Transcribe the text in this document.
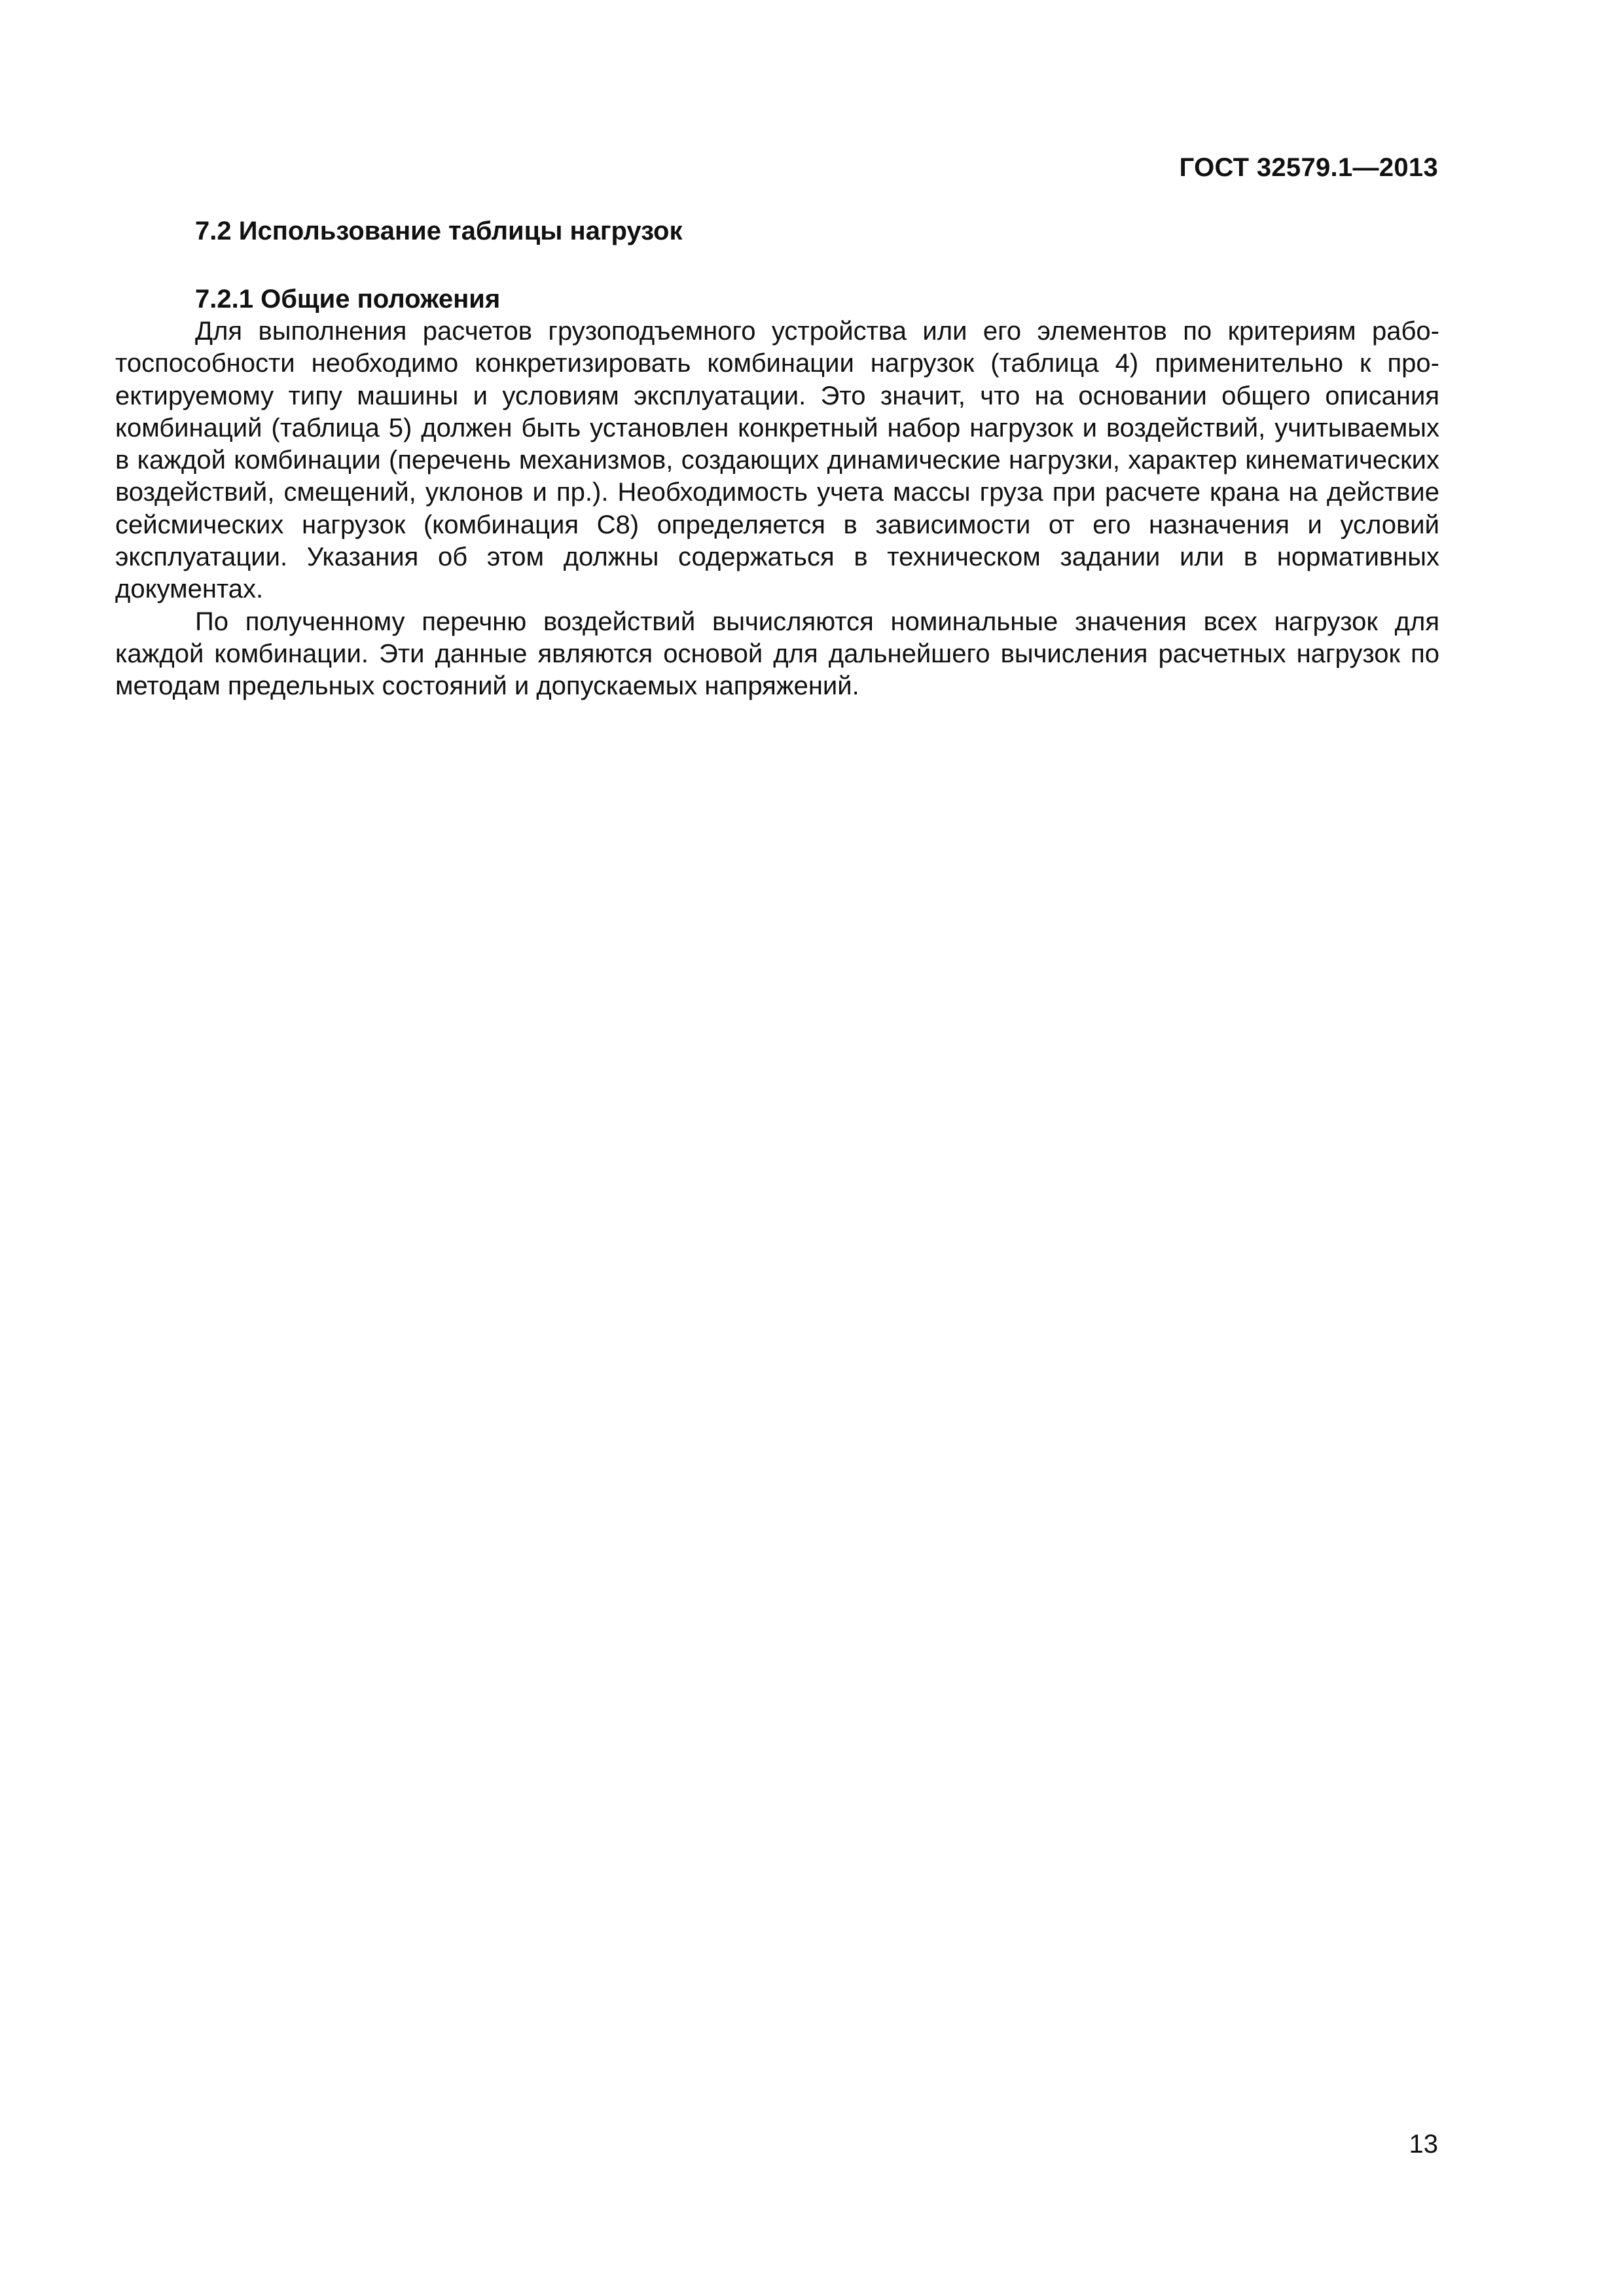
ГОСТ 32579.1—2013
7.2 Использование таблицы нагрузок
7.2.1 Общие положения

Для выполнения расчетов грузоподъемного устройства или его элементов по критериям работоспособности необходимо конкретизировать комбинации нагрузок (таблица 4) применительно к проектируемому типу машины и условиям эксплуатации. Это значит, что на основании общего описания комбинаций (таблица 5) должен быть установлен конкретный набор нагрузок и воздействий, учитываемых в каждой комбинации (перечень механизмов, создающих динамические нагрузки, характер кинематических воздействий, смещений, уклонов и пр.). Необходимость учета массы груза при расчете крана на действие сейсмических нагрузок (комбинация С8) определяется в зависимости от его назначения и условий эксплуатации. Указания об этом должны содержаться в техническом задании или в нормативных документах.

По полученному перечню воздействий вычисляются номинальные значения всех нагрузок для каждой комбинации. Эти данные являются основой для дальнейшего вычисления расчетных нагрузок по методам предельных состояний и допускаемых напряжений.

13
